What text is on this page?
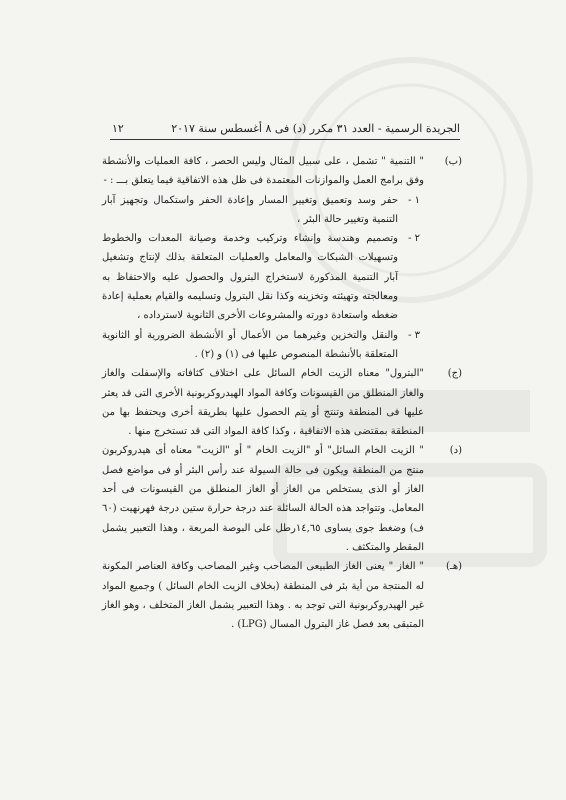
الجريدة الرسمية - العدد ٣١ مكرر (د) فى ٨ أغسطس سنة ٢٠١٧
١٢
(ب)

" التنمية " تشمل ، على سبيل المثال وليس الحصر ، كافة العمليات والأنشطة وفق برامج العمل والموازنات المعتمدة فى ظل هذه الاتفاقية فيما يتعلق بـــ : -

١ -

حفر وسد وتعميق وتغيير المسار وإعادة الحفر واستكمال وتجهيز آبار التنمية وتغيير حالة البئر ،

٢ -

وتصميم وهندسة وإنشاء وتركيب وخدمة وصيانة المعدات والخطوط وتسهيلات الشبكات والمعامل والعمليات المتعلقة بذلك لإنتاج وتشغيل آبار التنمية المذكورة لاستخراج البترول والحصول عليه والاحتفاظ به ومعالجته وتهيئته وتخزينه وكذا نقل البترول وتسليمه والقيام بعملية إعادة ضغطه واستعادة دورته والمشروعات الأخرى الثانوية لاسترداده ،

٣ -

والنقل والتخزين وغيرهما من الأعمال أو الأنشطة الضرورية أو الثانوية المتعلقة بالأنشطة المنصوص عليها فى (١) و (٢) .

(ج)

"البترول" معناه الزيت الخام السائل على اختلاف كثافاته والإسفلت والغاز والغاز المنطلق من القيسونات وكافة المواد الهيدروكربونية الأخرى التى قد يعثر عليها فى المنطقة وتنتج أو يتم الحصول عليها بطريقة أخرى ويحتفظ بها من المنطقة بمقتضى هذه الاتفاقية ، وكذا كافة المواد التى قد تستخرج منها .

(د)

" الزيت الخام السائل" أو "الزيت الخام " أو "الزيت" معناه أى هيدروكربون منتج من المنطقة ويكون فى حالة السيولة عند رأس البئر أو فى مواضع فصل الغاز أو الذى يستخلص من الغاز أو الغاز المنطلق من القيسونات فى أحد المعامل. وتتواجد هذه الحالة السائلة عند درجة حرارة ستين درجة فهرنهيت (٦٠ ف) وضغط جوى يساوى ١٤,٦٥رطل على البوصة المربعة ، وهذا التعبير يشمل المقطر والمتكثف .

(هـ)

" الغاز " يعنى الغاز الطبيعى المصاحب وغير المصاحب وكافة العناصر المكونة له المنتجة من أية بئر فى المنطقة (بخلاف الزيت الخام السائل ) وجميع المواد غير الهيدروكربونية التى توجد به . وهذا التعبير يشمل الغاز المتخلف ، وهو الغاز المتبقى بعد فصل غاز البترول المسال (LPG) .
